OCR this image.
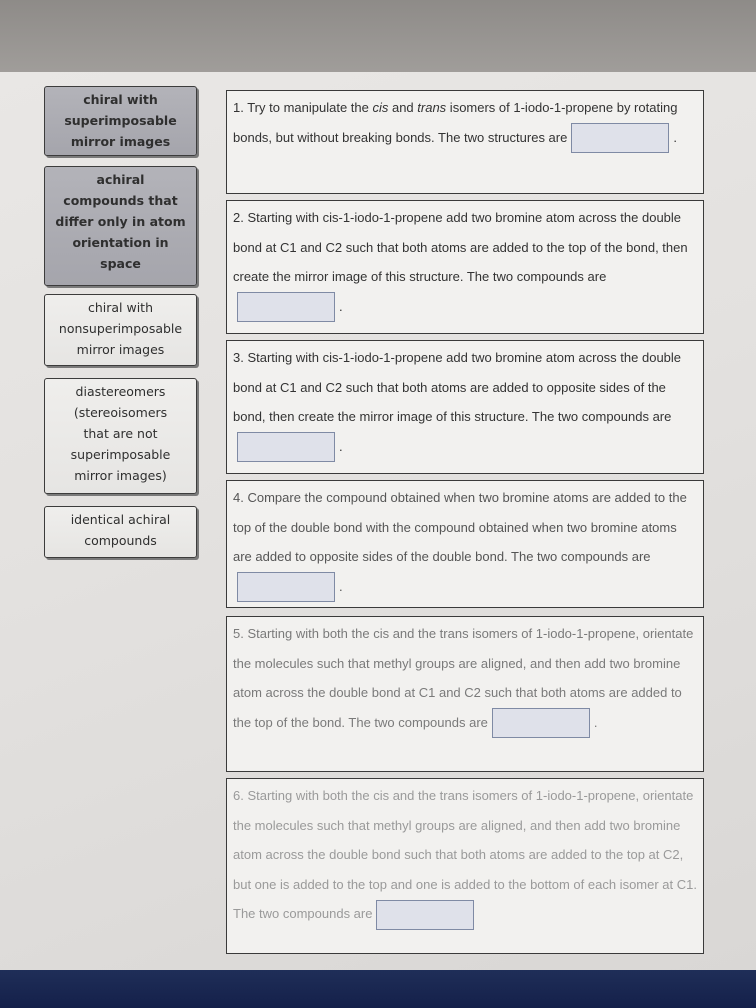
chiral with
superimposable
mirror images
achiral
compounds that
differ only in atom
orientation in
space
chiral with
nonsuperimposable
mirror images
diastereomers
(stereoisomers
that are not
superimposable
mirror images)
identical achiral
compounds
1. Try to manipulate the cis and trans isomers of 1-iodo-1-propene by rotating bonds, but without breaking bonds. The two structures are	.
2. Starting with cis-1-iodo-1-propene add two bromine atom across the double bond at C1 and C2 such that both atoms are added to the top of the bond, then create the mirror image of this structure. The two compounds are.
3. Starting with cis-1-iodo-1-propene add two bromine atom across the double bond at C1 and C2 such that both atoms are added to opposite sides of the bond, then create the mirror image of this structure. The two compounds are.
4. Compare the compound obtained when two bromine atoms are added to the top of the double bond with the compound obtained when two bromine atoms are added to opposite sides of the double bond. The two compounds are.
5. Starting with both the cis and the trans isomers of 1-iodo-1-propene, orientate the molecules such that methyl groups are aligned, and then add two bromine atom across the double bond at C1 and C2 such that both atoms are added to the top of the bond. The two compounds are	.
6. Starting with both the cis and the trans isomers of 1-iodo-1-propene, orientate the molecules such that methyl groups are aligned, and then add two bromine atom across the double bond such that both atoms are added to the top at C2, but one is added to the top and one is added to the bottom of each isomer at C1. The two compounds are
